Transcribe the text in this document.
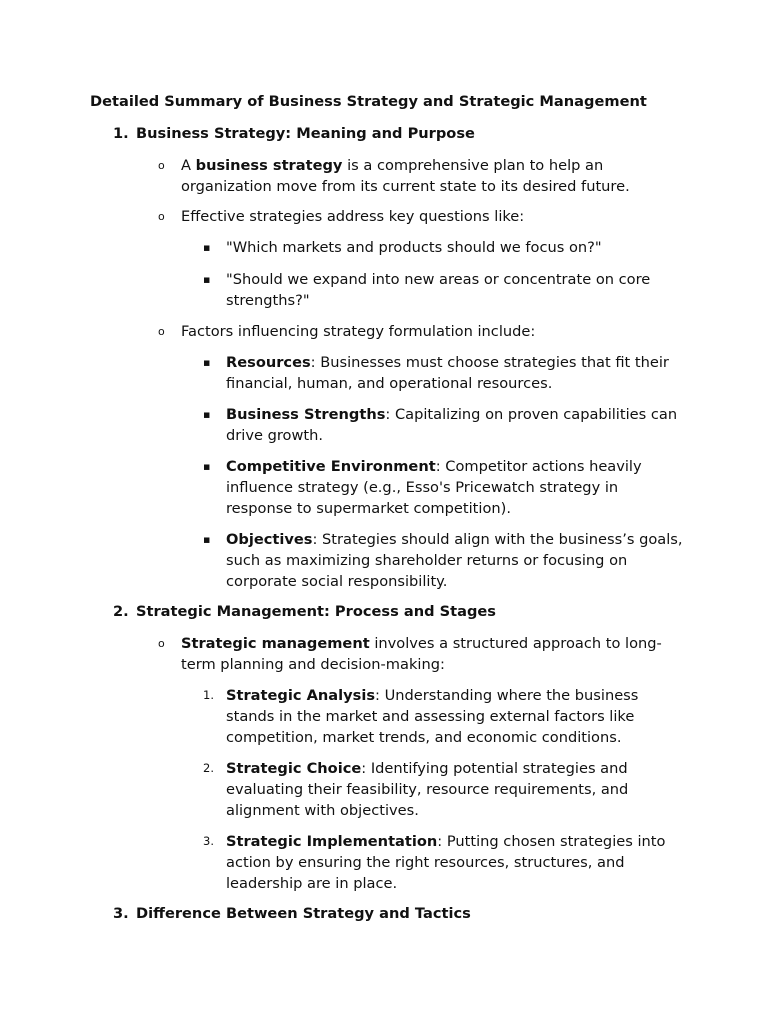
Detailed Summary of Business Strategy and Strategic Management
1. Business Strategy: Meaning and Purpose
o A business strategy is a comprehensive plan to help an organization move from its current state to its desired future.
o Effective strategies address key questions like:
▪ "Which markets and products should we focus on?"
▪ "Should we expand into new areas or concentrate on core strengths?"
o Factors influencing strategy formulation include:
▪ Resources: Businesses must choose strategies that fit their financial, human, and operational resources.
▪ Business Strengths: Capitalizing on proven capabilities can drive growth.
▪ Competitive Environment: Competitor actions heavily influence strategy (e.g., Esso's Pricewatch strategy in response to supermarket competition).
▪ Objectives: Strategies should align with the business’s goals, such as maximizing shareholder returns or focusing on corporate social responsibility.
2. Strategic Management: Process and Stages
o Strategic management involves a structured approach to long-term planning and decision-making:
1. Strategic Analysis: Understanding where the business stands in the market and assessing external factors like competition, market trends, and economic conditions.
2. Strategic Choice: Identifying potential strategies and evaluating their feasibility, resource requirements, and alignment with objectives.
3. Strategic Implementation: Putting chosen strategies into action by ensuring the right resources, structures, and leadership are in place.
3. Difference Between Strategy and Tactics
